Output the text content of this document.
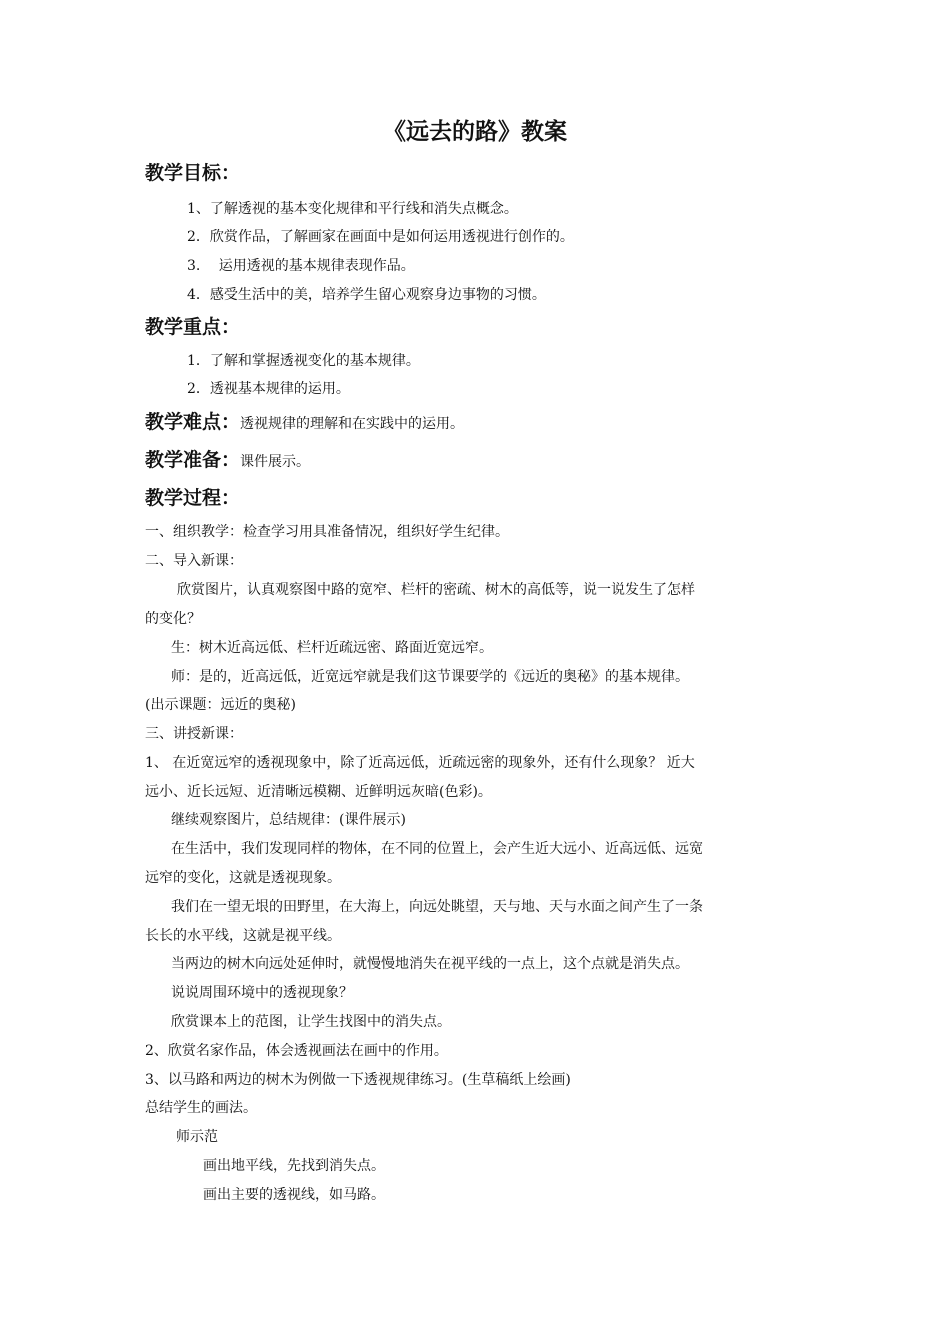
《远去的路》教案
教学目标：
1、了解透视的基本变化规律和平行线和消失点概念。
2．欣赏作品，了解画家在画面中是如何运用透视进行创作的。
3.　 运用透视的基本规律表现作品。
4．感受生活中的美，培养学生留心观察身边事物的习惯。
教学重点：
1．了解和掌握透视变化的基本规律。
2．透视基本规律的运用。
教学难点：透视规律的理解和在实践中的运用。
教学准备：课件展示。
教学过程：
一、组织教学：检查学习用具准备情况，组织好学生纪律。
二、导入新课：
欣赏图片，认真观察图中路的宽窄、栏杆的密疏、树木的高低等，说一说发生了怎样
的变化？
生：树木近高远低、栏杆近疏远密、路面近宽远窄。
师：是的，近高远低，近宽远窄就是我们这节课要学的《远近的奥秘》的基本规律。
(出示课题：远近的奥秘)
三、讲授新课：
1、 在近宽远窄的透视现象中，除了近高远低，近疏远密的现象外，还有什么现象？ 近大
远小、近长远短、近清晰远模糊、近鲜明远灰暗(色彩)。
继续观察图片，总结规律：(课件展示)
在生活中，我们发现同样的物体，在不同的位置上，会产生近大远小、近高远低、远宽
远窄的变化，这就是透视现象。
我们在一望无垠的田野里，在大海上，向远处眺望，天与地、天与水面之间产生了一条
长长的水平线，这就是视平线。
当两边的树木向远处延伸时，就慢慢地消失在视平线的一点上，这个点就是消失点。
说说周围环境中的透视现象？
欣赏课本上的范图，让学生找图中的消失点。
2、欣赏名家作品，体会透视画法在画中的作用。
3、以马路和两边的树木为例做一下透视规律练习。(生草稿纸上绘画)
总结学生的画法。
师示范
画出地平线，先找到消失点。
画出主要的透视线，如马路。
